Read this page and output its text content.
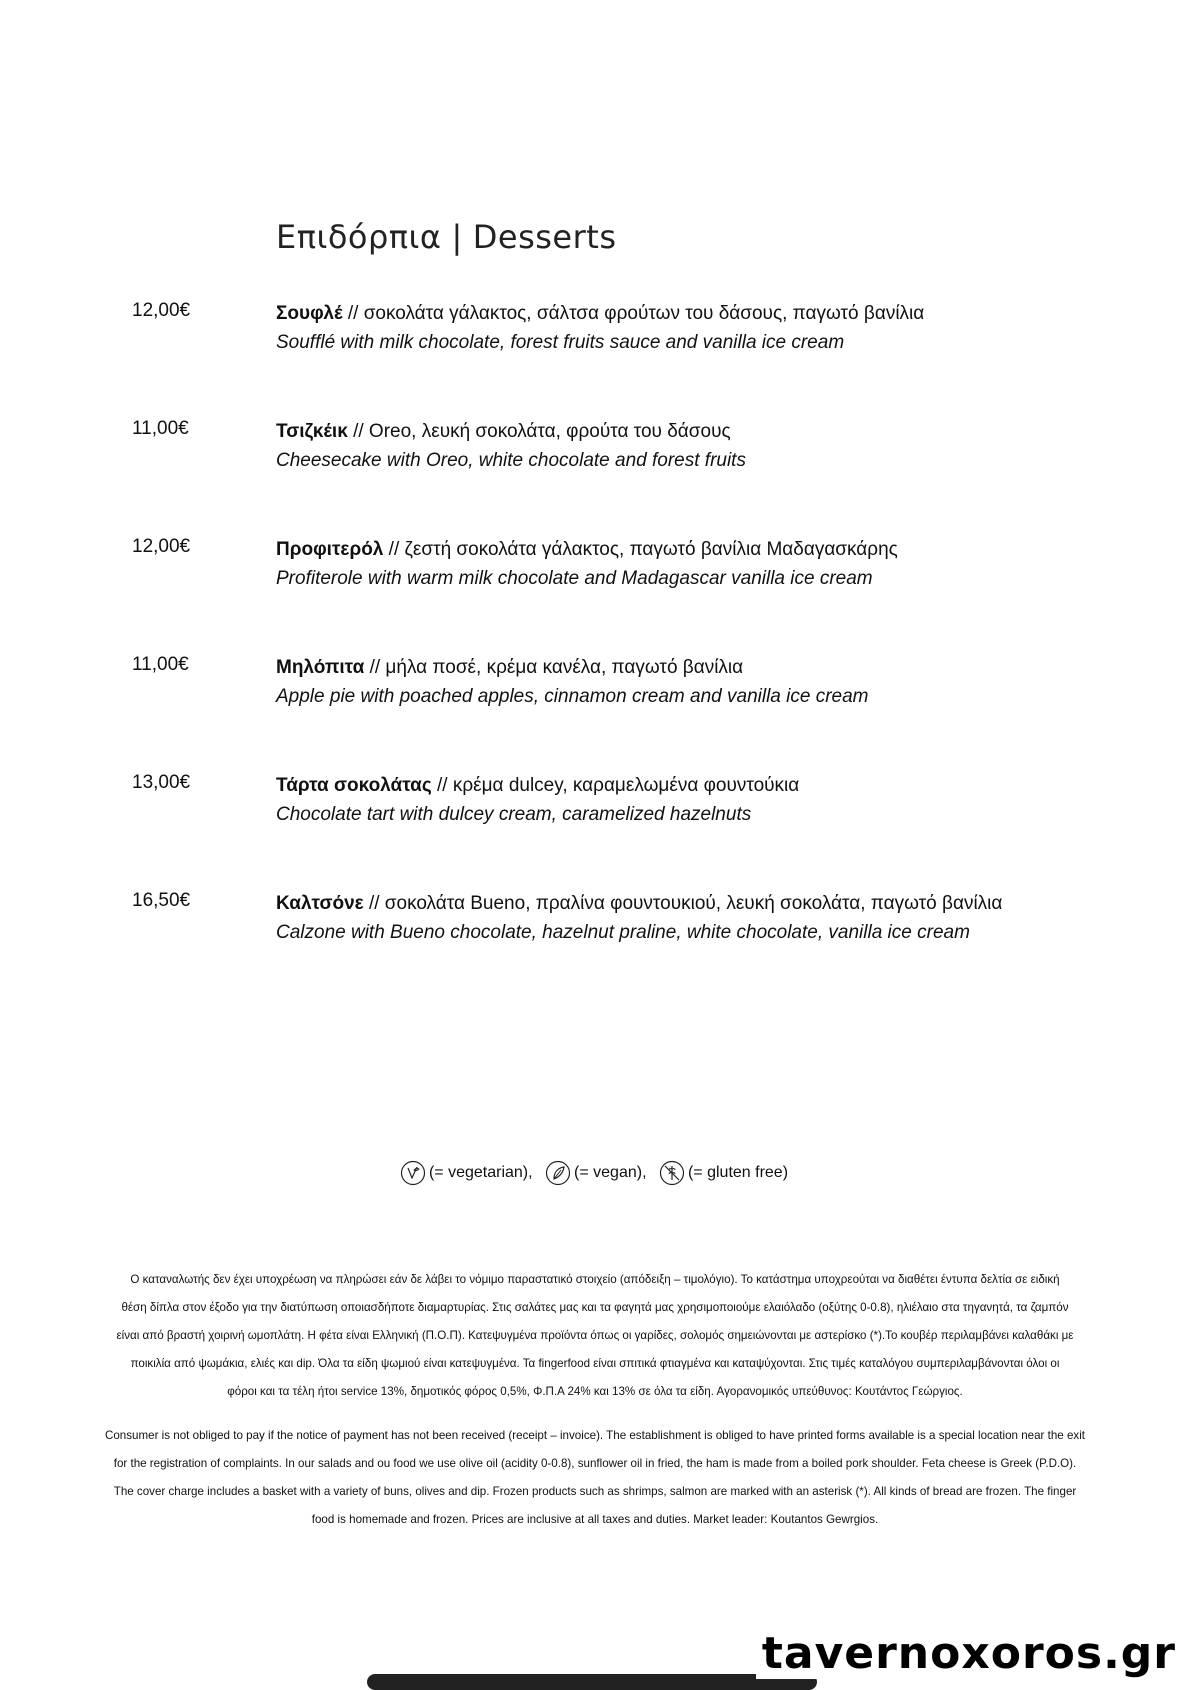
Επιδόρπια | Desserts
12,00€	Σουφλέ // σοκολάτα γάλακτος, σάλτσα φρούτων του δάσους, παγωτό βανίλια
Soufflé with milk chocolate, forest fruits sauce and vanilla ice cream
11,00€	Τσιζκέικ // Oreo, λευκή σοκολάτα, φρούτα του δάσους
Cheesecake with Oreo, white chocolate and forest fruits
12,00€	Προφιτερόλ // ζεστή σοκολάτα γάλακτος, παγωτό βανίλια Μαδαγασκάρης
Profiterole with warm milk chocolate and Madagascar vanilla ice cream
11,00€	Μηλόπιτα // μήλα ποσέ, κρέμα κανέλα, παγωτό βανίλια
Apple pie with poached apples, cinnamon cream and vanilla ice cream
13,00€	Τάρτα σοκολάτας // κρέμα dulcey, καραμελωμένα φουντούκια
Chocolate tart with dulcey cream, caramelized hazelnuts
16,50€	Καλτσόνε // σοκολάτα Bueno, πραλίνα φουντουκιού, λευκή σοκολάτα, παγωτό βανίλια
Calzone with Bueno chocolate, hazelnut praline, white chocolate, vanilla ice cream
(= vegetarian),
	(= vegan),
	(= gluten free)
Ο καταναλωτής δεν έχει υποχρέωση να πληρώσει εάν δε λάβει το νόμιμο παραστατικό στοιχείο (απόδειξη – τιμολόγιο). Το κατάστημα υποχρεούται να διαθέτει έντυπα δελτία σε ειδική
θέση δίπλα στον έξοδο για την διατύπωση οποιασδήποτε διαμαρτυρίας. Στις σαλάτες μας και τα φαγητά μας χρησιμοποιούμε ελαιόλαδο (οξύτης 0-0.8), ηλιέλαιο στα τηγανητά, τα ζαμπόν
είναι από βραστή χοιρινή ωμοπλάτη. Η φέτα είναι Ελληνική (Π.Ο.Π). Κατεψυγμένα προϊόντα όπως οι γαρίδες, σολομός σημειώνονται με αστερίσκο (*).Το κουβέρ περιλαμβάνει καλαθάκι με
ποικιλία από ψωμάκια, ελιές και dip. Όλα τα είδη ψωμιού είναι κατεψυγμένα. Τα fingerfood είναι σπιτικά φτιαγμένα και καταψύχονται. Στις τιμές καταλόγου συμπεριλαμβάνονται όλοι οι
φόροι και τα τέλη ήτοι service 13%, δημοτικός φόρος 0,5%, Φ.Π.Α 24% και 13% σε όλα τα είδη. Αγορανομικός υπεύθυνος: Κουτάντος Γεώργιος.
Consumer is not obliged to pay if the notice of payment has not been received (receipt – invoice). The establishment is obliged to have printed forms available is a special location near the exit
for the registration of complaints. In our salads and ou food we use olive oil (acidity 0-0.8), sunflower oil in fried, the ham is made from a boiled pork shoulder. Feta cheese is Greek (P.D.O).
The cover charge includes a basket with a variety of buns, olives and dip. Frozen products such as shrimps, salmon are marked with an asterisk (*). All kinds of bread are frozen. The finger
food is homemade and frozen. Prices are inclusive at all taxes and duties. Market leader: Koutantos Gewrgios.
tavernoxoros.gr
